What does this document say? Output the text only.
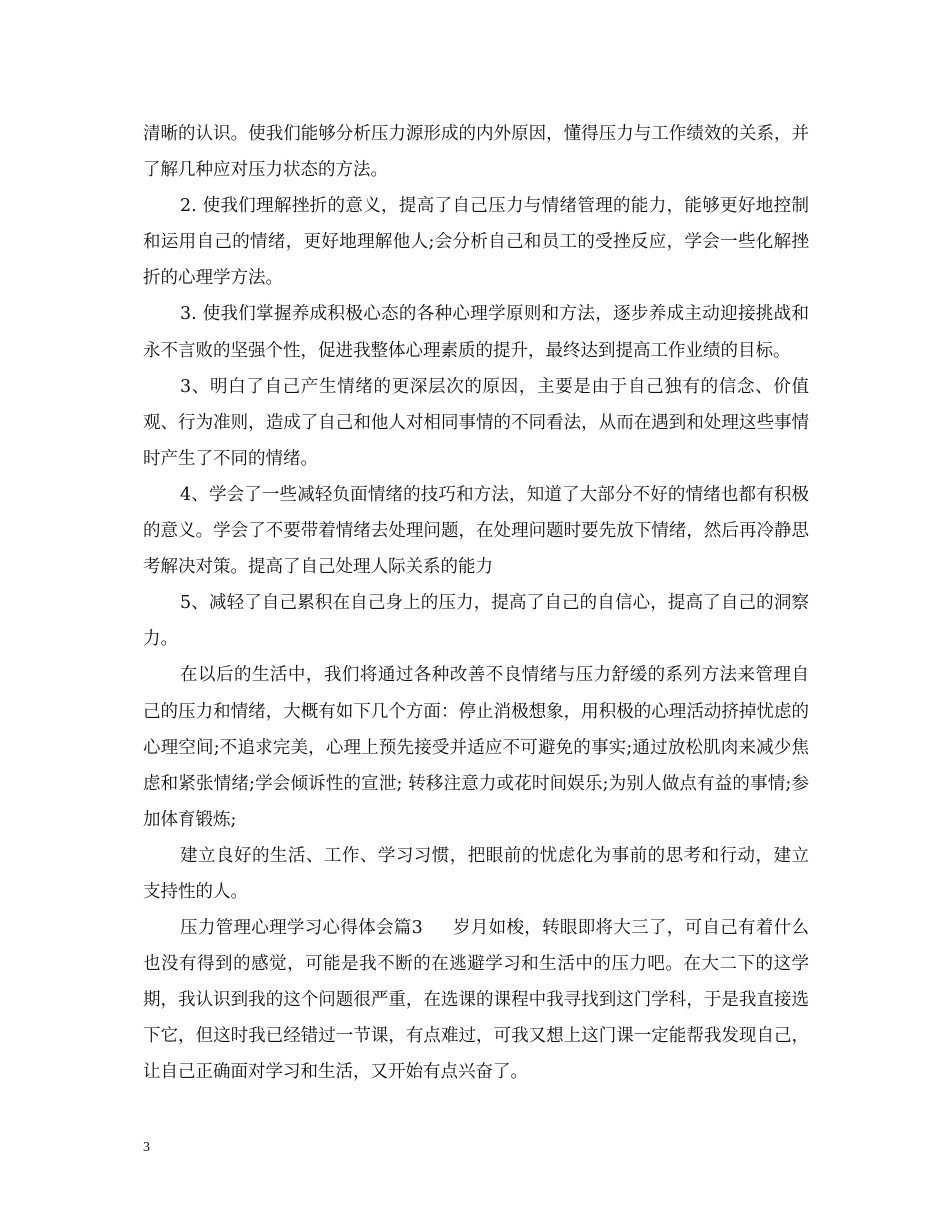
清晰的认识。使我们能够分析压力源形成的内外原因，懂得压力与工作绩效的关系，并了解几种应对压力状态的方法。

2. 使我们理解挫折的意义，提高了自己压力与情绪管理的能力，能够更好地控制和运用自己的情绪，更好地理解他人;会分析自己和员工的受挫反应，学会一些化解挫折的心理学方法。

3. 使我们掌握养成积极心态的各种心理学原则和方法，逐步养成主动迎接挑战和永不言败的坚强个性，促进我整体心理素质的提升，最终达到提高工作业绩的目标。

3、明白了自己产生情绪的更深层次的原因，主要是由于自己独有的信念、价值观、行为准则，造成了自己和他人对相同事情的不同看法，从而在遇到和处理这些事情时产生了不同的情绪。

4、学会了一些减轻负面情绪的技巧和方法，知道了大部分不好的情绪也都有积极的意义。学会了不要带着情绪去处理问题，在处理问题时要先放下情绪，然后再冷静思考解决对策。提高了自己处理人际关系的能力

5、减轻了自己累积在自己身上的压力，提高了自己的自信心，提高了自己的洞察力。

在以后的生活中，我们将通过各种改善不良情绪与压力舒缓的系列方法来管理自己的压力和情绪，大概有如下几个方面：停止消极想象，用积极的心理活动挤掉忧虑的心理空间;不追求完美，心理上预先接受并适应不可避免的事实;通过放松肌肉来减少焦虑和紧张情绪;学会倾诉性的宣泄; 转移注意力或花时间娱乐;为别人做点有益的事情;参加体育锻炼;

建立良好的生活、工作、学习习惯，把眼前的忧虑化为事前的思考和行动，建立支持性的人。

压力管理心理学习心得体会篇3 岁月如梭，转眼即将大三了，可自己有着什么也没有得到的感觉，可能是我不断的在逃避学习和生活中的压力吧。在大二下的这学期，我认识到我的这个问题很严重，在选课的课程中我寻找到这门学科，于是我直接选下它，但这时我已经错过一节课，有点难过，可我又想上这门课一定能帮我发现自己，让自己正确面对学习和生活，又开始有点兴奋了。

3
